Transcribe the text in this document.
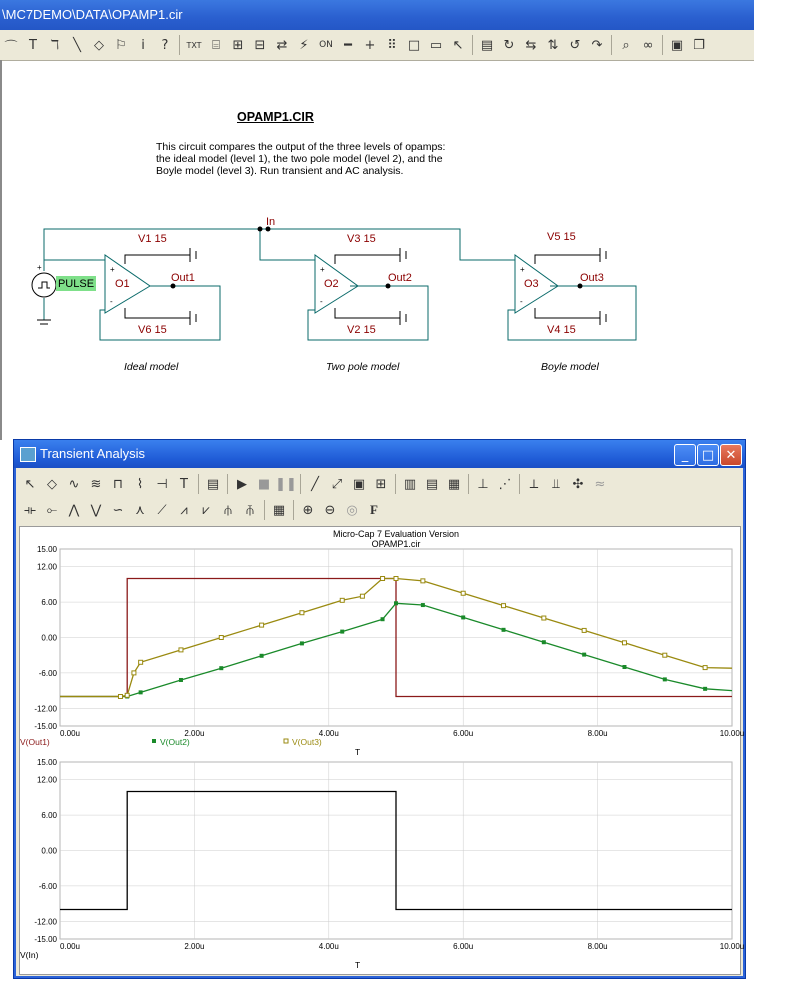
\MC7DEMO\DATA\OPAMP1.cir
⌒ T	ℸ	╲	◇ ⚐	i	?	TXT ⌸ ⊞ ⊟ ⇄ ⚡	ON ━ + ⠿ □ ▭ ↖	▤ ↻ ⇆ ⇅ ↺ ↷	⌕ ∞	▣ ❐
OPAMP1.CIR
This circuit compares the output of the three levels of opamps: the ideal model (level 1), the two pole model (level 2), and the Boyle model (level 3). Run transient and AC analysis.
+
-
+
-
+
-
+
In
PULSE
V1 15
V6 15
O1	Out1
Ideal model
V3 15
V2 15
O2	Out2
Two pole model
V5 15
V4 15
O3	Out3
Boyle model
Transient Analysis	_	□ ✕
↖ ◇ ∿ ≋ ⊓	⌇	⊣ T	▤	▶ ■ ❚❚	╱ ⤢ ▣ ⊞	▥ ▤ ▦	⊥ ⋰	⟂	⫫ ✣ ≈
⟛ ⟜ ⋀ ⋁ ∽ ⋏ ⟋	⩘	⩗	⫛	⫚	▦	⊕ ⊖ ◎ F
Micro-Cap 7 Evaluation Version
OPAMP1.cir
15.00
12.00
6.00
0.00
-6.00
-12.00
-15.00
0.00u	2.00u	4.00u	6.00u	8.00u	10.00u
V(Out1)	V(Out2)	V(Out3)
T
15.00
12.00
6.00
0.00
-6.00
-12.00
-15.00
0.00u	2.00u	4.00u	6.00u	8.00u	10.00u
V(In)
T
